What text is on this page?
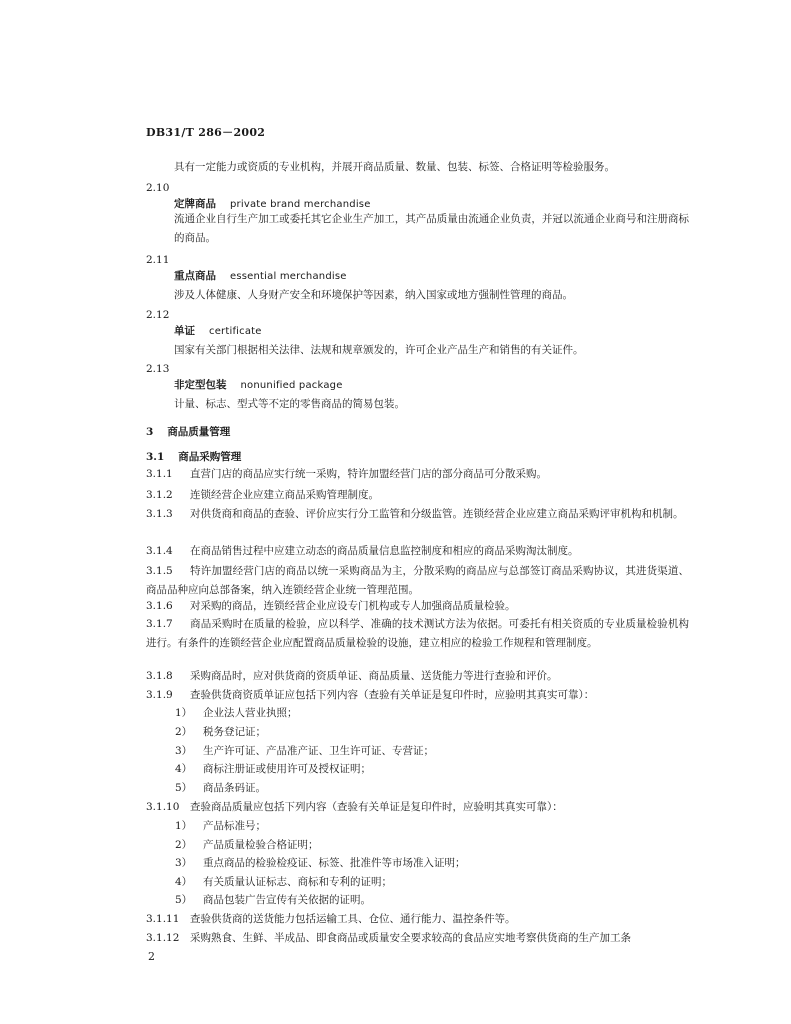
DB31/T 286－2002
具有一定能力或资质的专业机构，并展开商品质量、数量、包装、标签、合格证明等检验服务。
2.10
定牌商品 private brand merchandise
流通企业自行生产加工或委托其它企业生产加工，其产品质量由流通企业负责，并冠以流通企业商号和注册商标的商品。
2.11
重点商品 essential merchandise
涉及人体健康、人身财产安全和环境保护等因素，纳入国家或地方强制性管理的商品。
2.12
单证 certificate
国家有关部门根据相关法律、法规和规章颁发的，许可企业产品生产和销售的有关证件。
2.13
非定型包装 nonunified package
计量、标志、型式等不定的零售商品的简易包装。
3 商品质量管理
3.1 商品采购管理
3.1.1 直营门店的商品应实行统一采购，特许加盟经营门店的部分商品可分散采购。
3.1.2 连锁经营企业应建立商品采购管理制度。
3.1.3 对供货商和商品的查验、评价应实行分工监管和分级监管。连锁经营企业应建立商品采购评审机构和机制。
3.1.4 在商品销售过程中应建立动态的商品质量信息监控制度和相应的商品采购淘汰制度。
3.1.5 特许加盟经营门店的商品以统一采购商品为主，分散采购的商品应与总部签订商品采购协议，其进货渠道、商品品种应向总部备案，纳入连锁经营企业统一管理范围。
3.1.6 对采购的商品，连锁经营企业应设专门机构或专人加强商品质量检验。
3.1.7 商品采购时在质量的检验，应以科学、准确的技术测试方法为依据。可委托有相关资质的专业质量检验机构进行。有条件的连锁经营企业应配置商品质量检验的设施，建立相应的检验工作规程和管理制度。
3.1.8 采购商品时，应对供货商的资质单证、商品质量、送货能力等进行查验和评价。
3.1.9 查验供货商资质单证应包括下列内容（查验有关单证是复印件时，应验明其真实可靠）：
1） 企业法人营业执照；
2） 税务登记证；
3） 生产许可证、产品准产证、卫生许可证、专营证；
4） 商标注册证或使用许可及授权证明；
5） 商品条码证。
3.1.10 查验商品质量应包括下列内容（查验有关单证是复印件时，应验明其真实可靠）：
1） 产品标准号；
2） 产品质量检验合格证明；
3） 重点商品的检验检疫证、标签、批准件等市场准入证明；
4） 有关质量认证标志、商标和专利的证明；
5） 商品包装广告宣传有关依据的证明。
3.1.11 查验供货商的送货能力包括运输工具、仓位、通行能力、温控条件等。
3.1.12 采购熟食、生鲜、半成品、即食商品或质量安全要求较高的食品应实地考察供货商的生产加工条
2
